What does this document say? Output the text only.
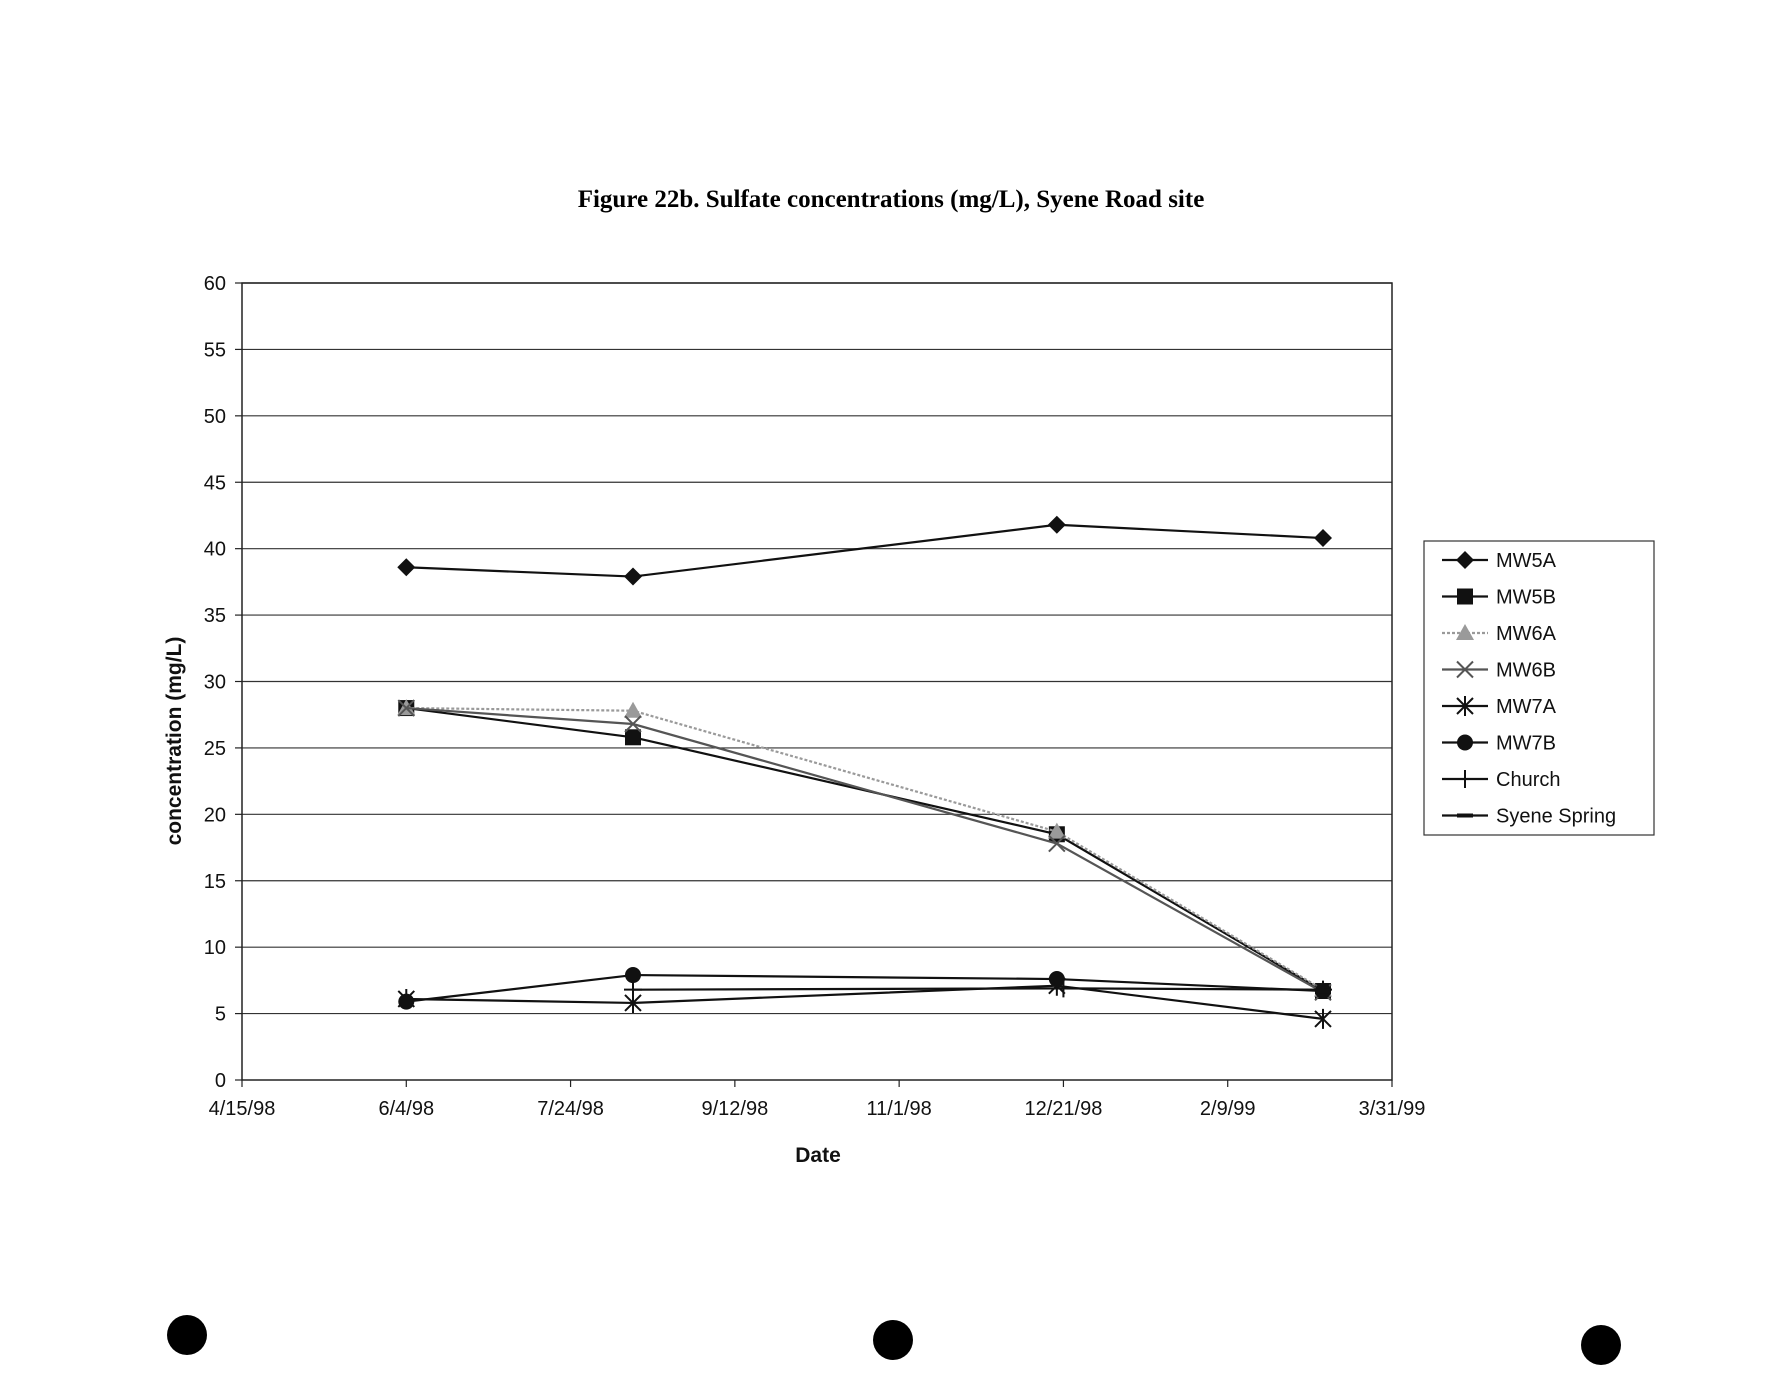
Figure 22b. Sulfate concentrations (mg/L), Syene Road site
0
5
10
15
20
25
30
35
40
45
50
55
60
4/15/98	6/4/98	7/24/98	9/12/98	11/1/98	12/21/98	2/9/99	3/31/99
Date
concentration (mg/L)
MW5A
MW5B
MW6A
MW6B
MW7A
MW7B
Church
Syene Spring
